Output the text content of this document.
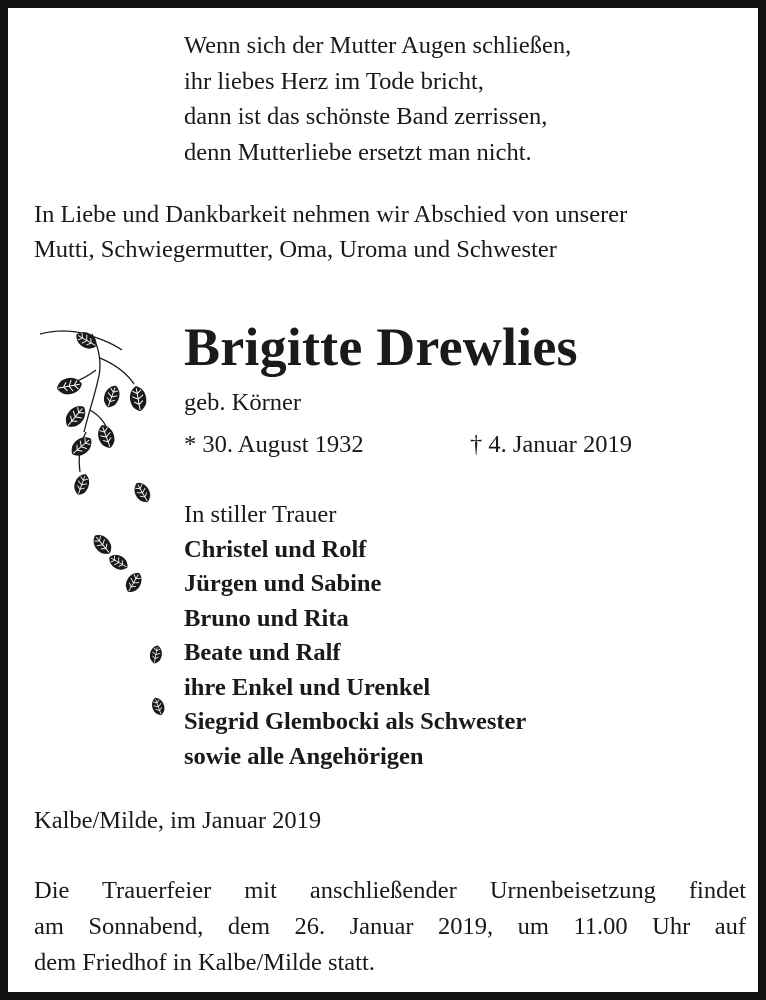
Wenn sich der Mutter Augen schließen,
ihr liebes Herz im Tode bricht,
dann ist das schönste Band zerrissen,
denn Mutterliebe ersetzt man nicht.
In Liebe und Dankbarkeit nehmen wir Abschied von unserer
Mutti, Schwiegermutter, Oma, Uroma und Schwester
Brigitte Drewlies
geb. Körner
* 30. August 1932	† 4. Januar 2019
In stiller Trauer
Christel und Rolf
Jürgen und Sabine
Bruno und Rita
Beate und Ralf
ihre Enkel und Urenkel
Siegrid Glembocki als Schwester
sowie alle Angehörigen
Kalbe/Milde, im Januar 2019
Die Trauerfeier mit anschließender Urnenbeisetzung findet
am Sonnabend, dem 26. Januar 2019, um 11.00 Uhr auf
dem Friedhof in Kalbe/Milde statt.
